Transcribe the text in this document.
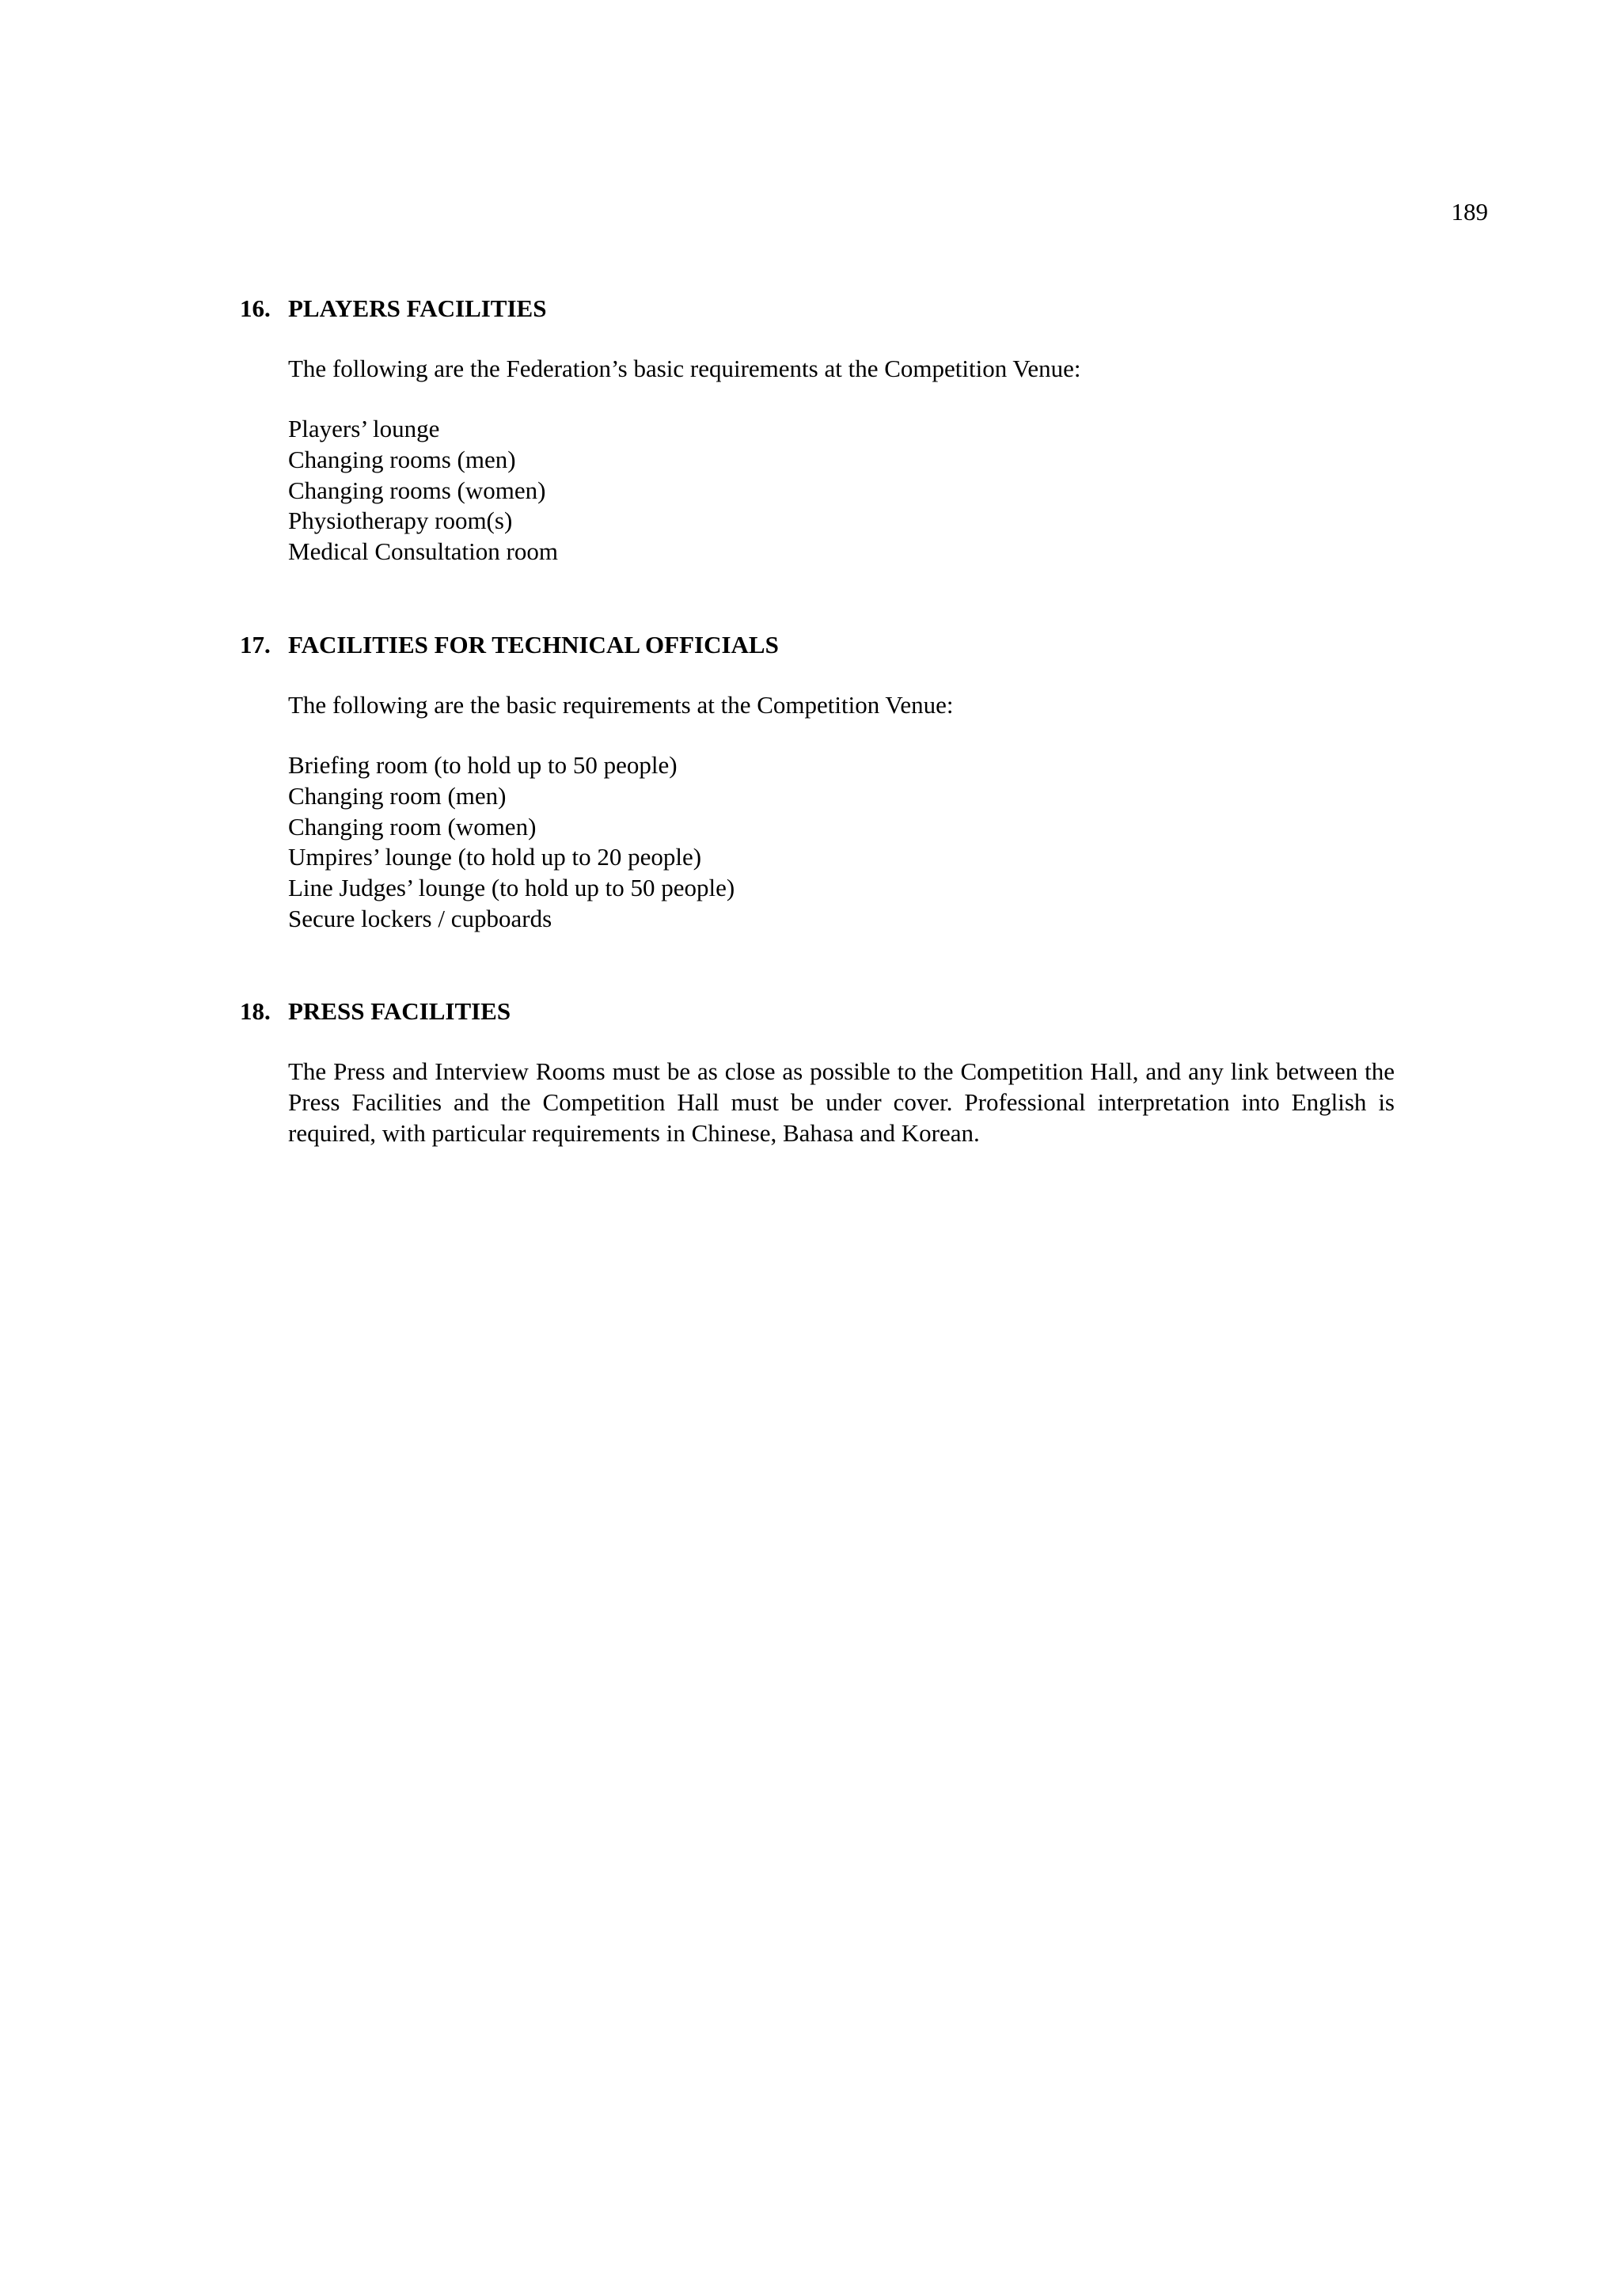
189
16. PLAYERS FACILITIES

The following are the Federation’s basic requirements at the Competition Venue:

Players’ lounge
Changing rooms (men)
Changing rooms (women)
Physiotherapy room(s)
Medical Consultation room
17. FACILITIES FOR TECHNICAL OFFICIALS

The following are the basic requirements at the Competition Venue:

Briefing room (to hold up to 50 people)
Changing room (men)
Changing room (women)
Umpires’ lounge (to hold up to 20 people)
Line Judges’ lounge (to hold up to 50 people)
Secure lockers / cupboards
18. PRESS FACILITIES

The Press and Interview Rooms must be as close as possible to the Competition Hall, and any link between the Press Facilities and the Competition Hall must be under cover. Professional interpretation into English is required, with particular requirements in Chinese, Bahasa and Korean.
